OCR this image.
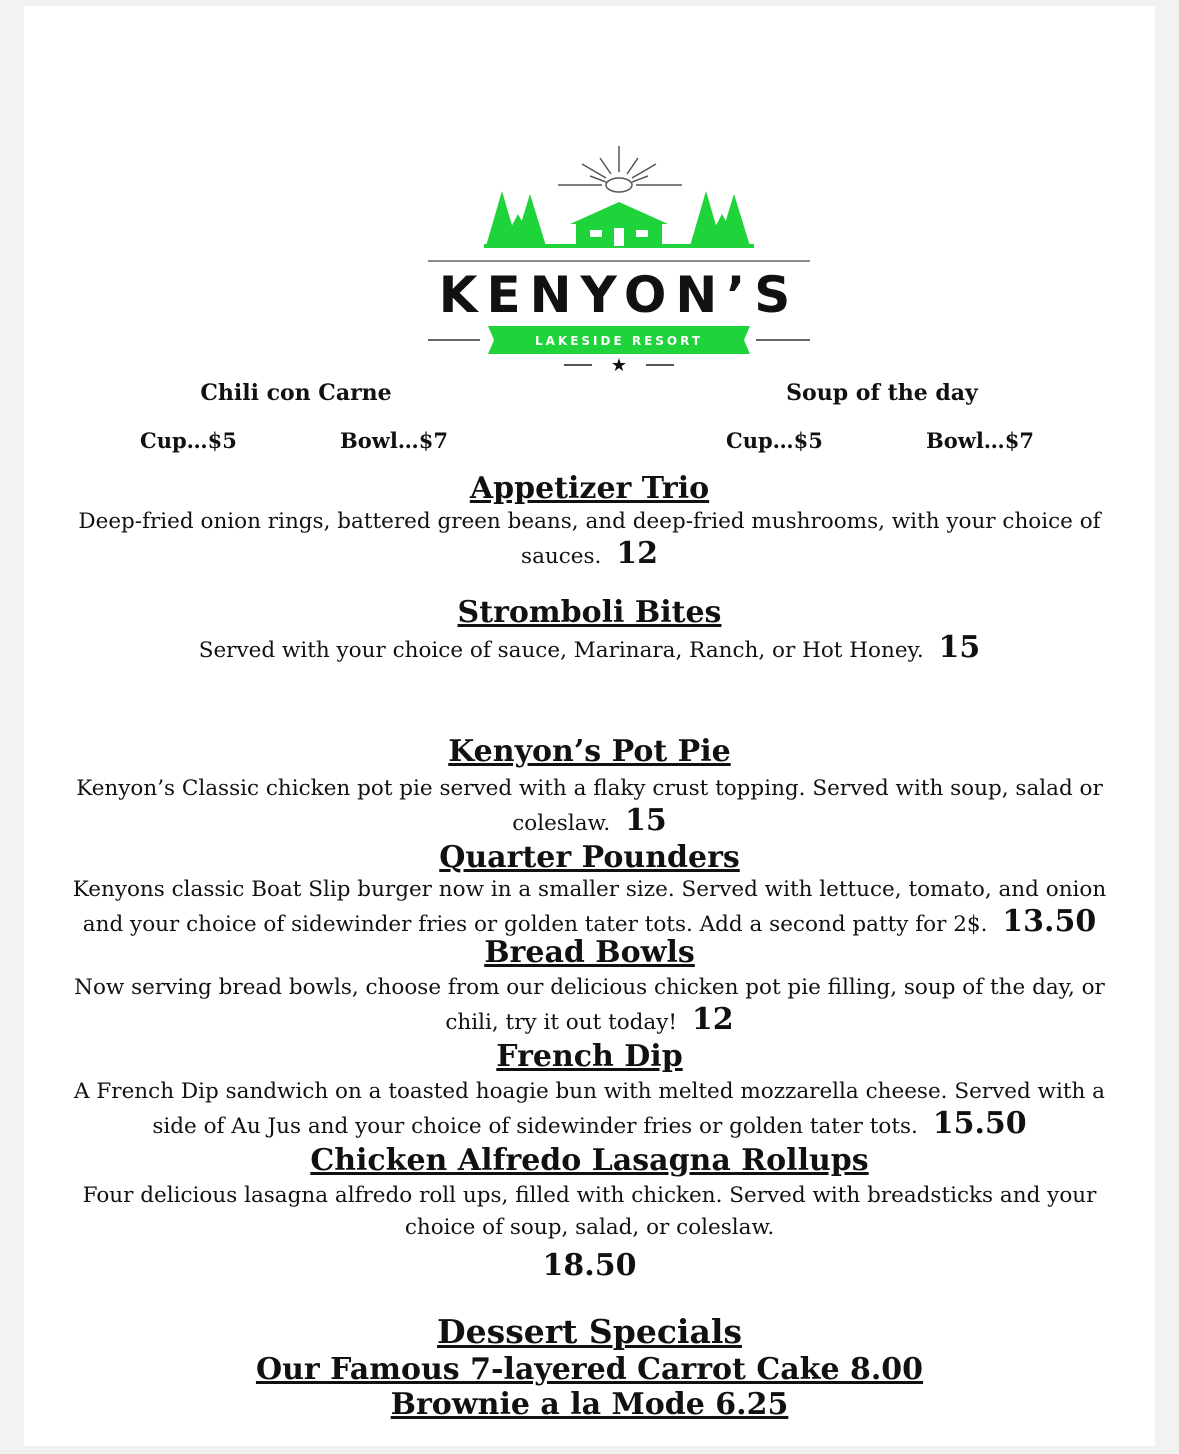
KENYON’S
LAKESIDE RESORT
★
Appetizer Trio
Deep-fried onion rings, battered green beans, and deep-fried mushrooms, with your choice of sauces. 12
Stromboli Bites
Served with your choice of sauce, Marinara, Ranch, or Hot Honey. 15
Kenyon’s Pot Pie
Kenyon’s Classic chicken pot pie served with a flaky crust topping. Served with soup, salad or coleslaw. 15
Quarter Pounders
Kenyons classic Boat Slip burger now in a smaller size. Served with lettuce, tomato, and onion and your choice of sidewinder fries or golden tater tots. Add a second patty for 2$. 13.50
Bread Bowls
Now serving bread bowls, choose from our delicious chicken pot pie filling, soup of the day, or chili, try it out today! 12
French Dip
A French Dip sandwich on a toasted hoagie bun with melted mozzarella cheese. Served with a side of Au Jus and your choice of sidewinder fries or golden tater tots. 15.50
Chicken Alfredo Lasagna Rollups
Four delicious lasagna alfredo roll ups, filled with chicken. Served with breadsticks and your choice of soup, salad, or coleslaw.
18.50
Dessert Specials
Our Famous 7-layered Carrot Cake 8.00
Brownie a la Mode 6.25
Chili con Carne
Cup…$5	Bowl…$7
Soup of the day
Cup…$5	Bowl…$7
